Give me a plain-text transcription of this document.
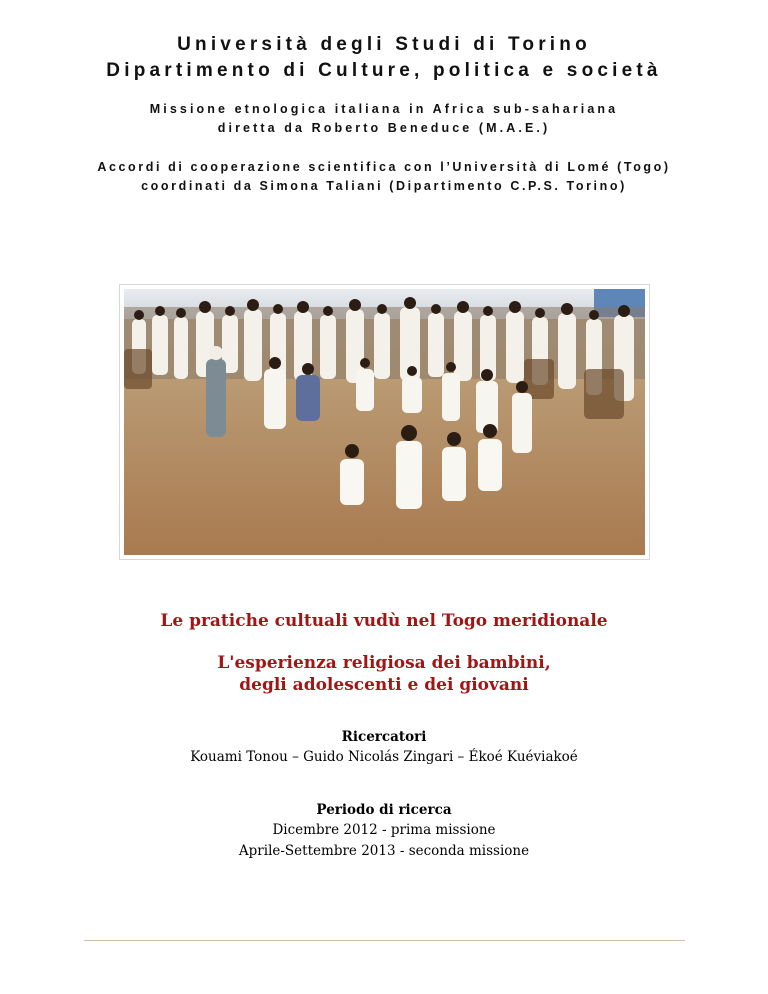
Università degli Studi di Torino
Dipartimento di Culture, politica e società
Missione etnologica italiana in Africa sub-sahariana
diretta da Roberto Beneduce (M.A.E.)
Accordi di cooperazione scientifica con l’Università di Lomé (Togo)
coordinati da Simona Taliani (Dipartimento C.P.S. Torino)
Le pratiche cultuali vudù nel Togo meridionale
L'esperienza religiosa dei bambini,
degli adolescenti e dei giovani
Ricercatori
Kouami Tonou – Guido Nicolás Zingari – Ékoé Kuéviakoé
Periodo di ricerca
Dicembre 2012 - prima missione
Aprile-Settembre 2013 - seconda missione
